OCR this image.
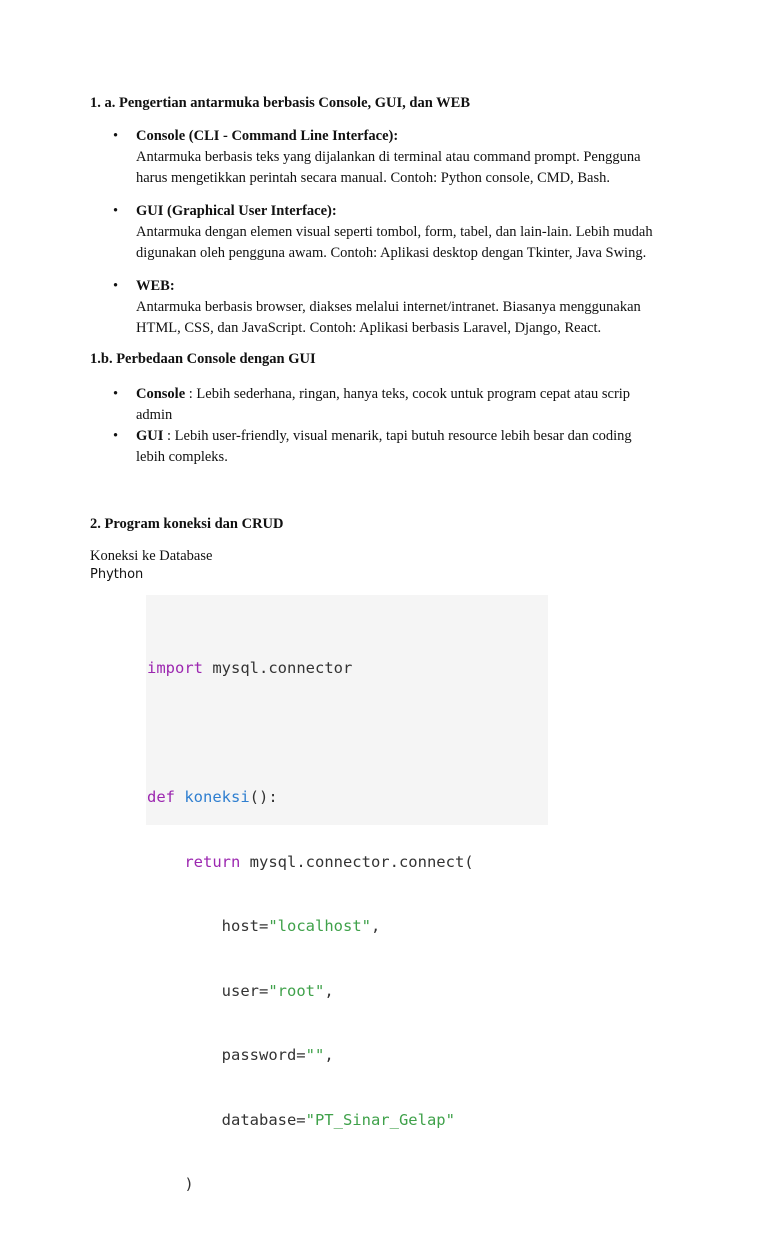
1. a. Pengertian antarmuka berbasis Console, GUI, dan WEB
• Console (CLI - Command Line Interface):
Antarmuka berbasis teks yang dijalankan di terminal atau command prompt. Pengguna
harus mengetikkan perintah secara manual. Contoh: Python console, CMD, Bash.
• GUI (Graphical User Interface):
Antarmuka dengan elemen visual seperti tombol, form, tabel, dan lain-lain. Lebih mudah
digunakan oleh pengguna awam. Contoh: Aplikasi desktop dengan Tkinter, Java Swing.
• WEB:
Antarmuka berbasis browser, diakses melalui internet/intranet. Biasanya menggunakan
HTML, CSS, dan JavaScript. Contoh: Aplikasi berbasis Laravel, Django, React.
1.b. Perbedaan Console dengan GUI
• Console : Lebih sederhana, ringan, hanya teks, cocok untuk program cepat atau scrip
admin
• GUI : Lebih user-friendly, visual menarik, tapi butuh resource lebih besar dan coding
lebih compleks.
2. Program koneksi dan CRUD
Koneksi ke Database
Phython

import mysql.connector

def koneksi():

return mysql.connector.connect(

host="localhost",

user="root",

password="",

database="PT_Sinar_Gelap"

)
